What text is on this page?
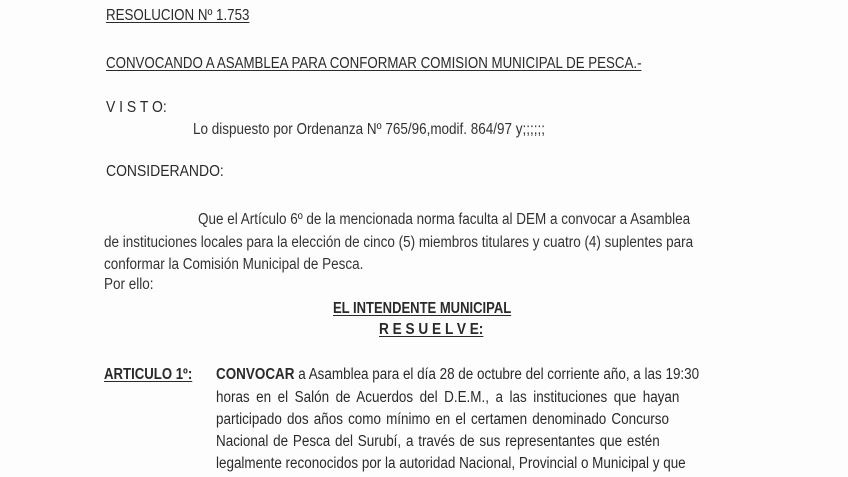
RESOLUCION Nº 1.753
CONVOCANDO A ASAMBLEA PARA CONFORMAR COMISION MUNICIPAL DE PESCA.-
V I S T O:
Lo dispuesto por Ordenanza Nº 765/96,modif. 864/97 y;;;;;;
CONSIDERANDO:
Que el Artículo 6º de la mencionada norma faculta al DEM a convocar a Asamblea
de instituciones locales para la elección de cinco (5) miembros titulares y cuatro (4) suplentes para
conformar la Comisión Municipal de Pesca.
Por ello:
EL INTENDENTE MUNICIPAL
R E S U E L V E:
ARTICULO 1º:	CONVOCAR a Asamblea para el día 28 de octubre del corriente año, a las 19:30
horas en el Salón de Acuerdos del D.E.M., a las instituciones que hayan
participado dos años como mínimo en el certamen denominado Concurso
Nacional de Pesca del Surubí, a través de sus representantes que estén
legalmente reconocidos por la autoridad Nacional, Provincial o Municipal y que
